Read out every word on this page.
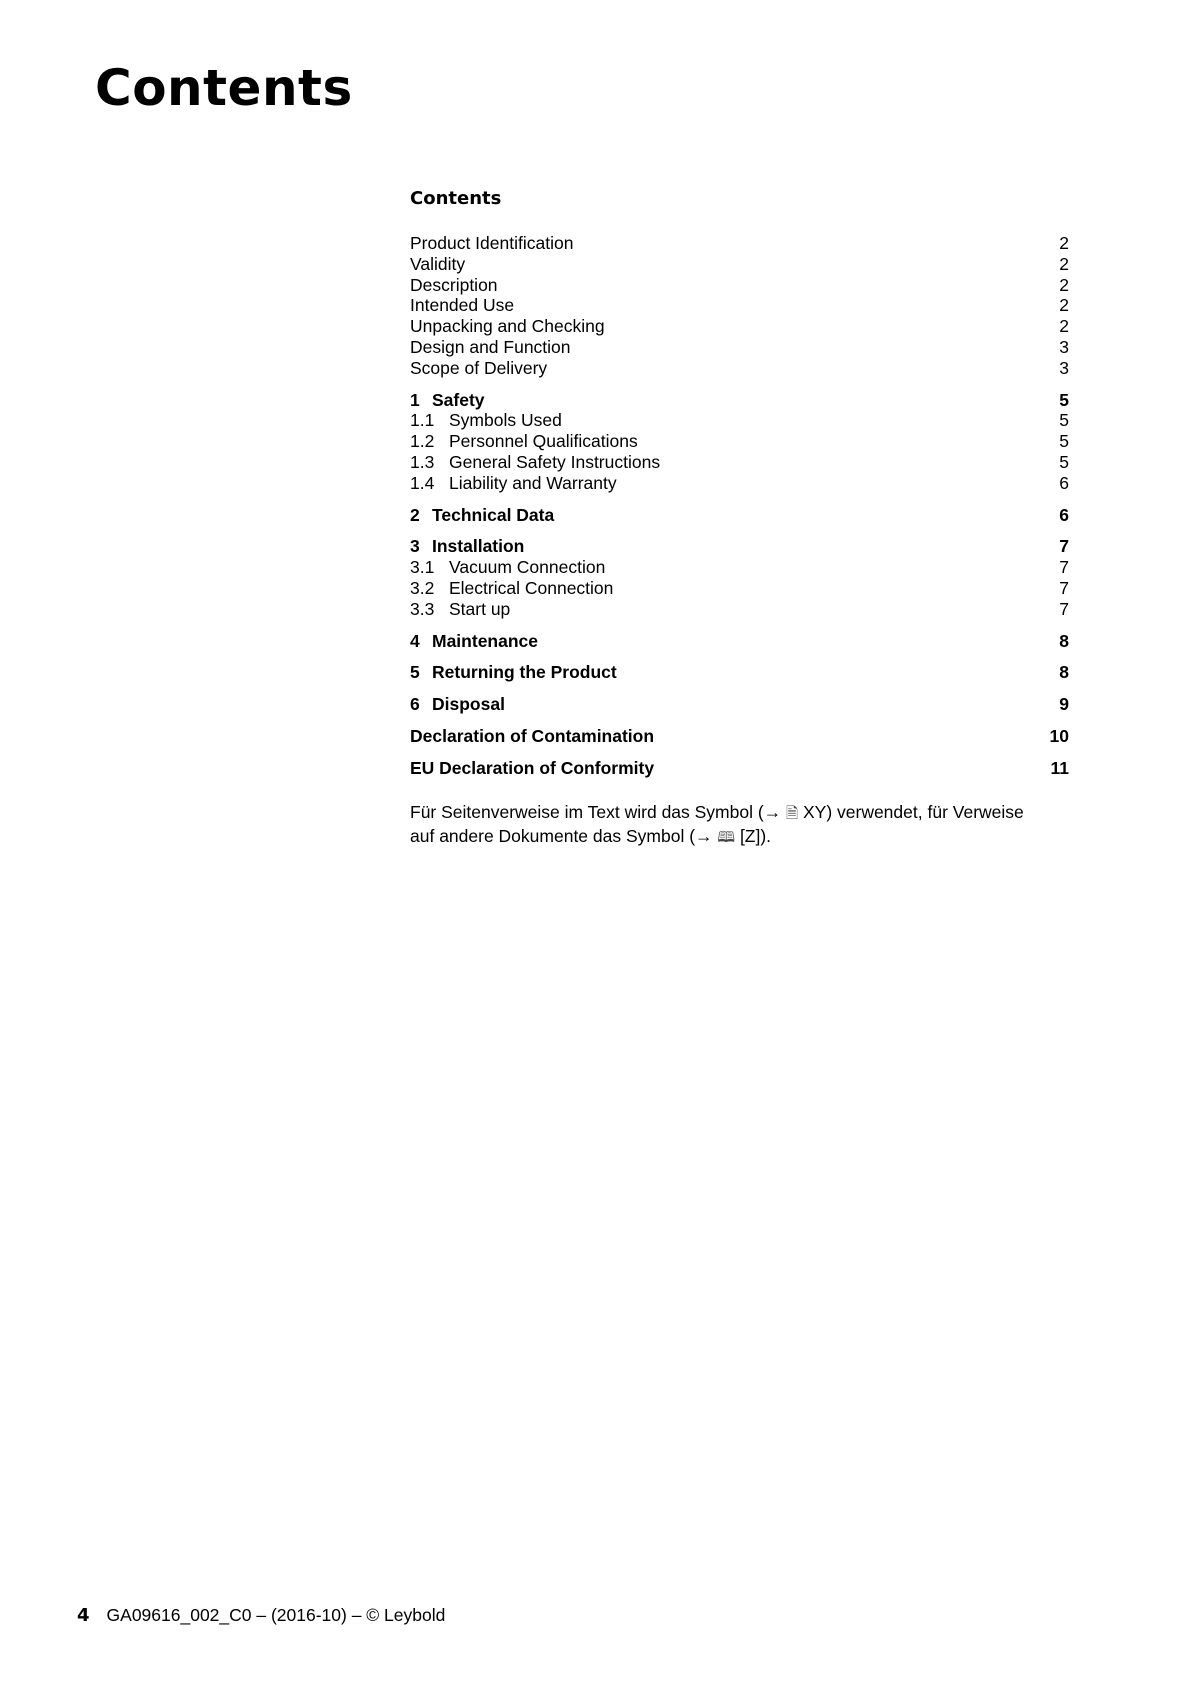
Contents
Contents
Product Identification	2
Validity	2
Description	2
Intended Use	2
Unpacking and Checking	2
Design and Function	3
Scope of Delivery	3
1 Safety	5
1.1 Symbols Used	5
1.2 Personnel Qualifications	5
1.3 General Safety Instructions	5
1.4 Liability and Warranty	6
2 Technical Data	6
3 Installation	7
3.1 Vacuum Connection	7
3.2 Electrical Connection	7
3.3 Start up	7
4 Maintenance	8
5 Returning the Product	8
6 Disposal	9
Declaration of Contamination	10
EU Declaration of Conformity	11
Für Seitenverweise im Text wird das Symbol (→ 🗎 XY) verwendet, für Verweise
auf andere Dokumente das Symbol (→ 🕮 [Z]).
4 GA09616_002_C0 – (2016-10) – © Leybold
